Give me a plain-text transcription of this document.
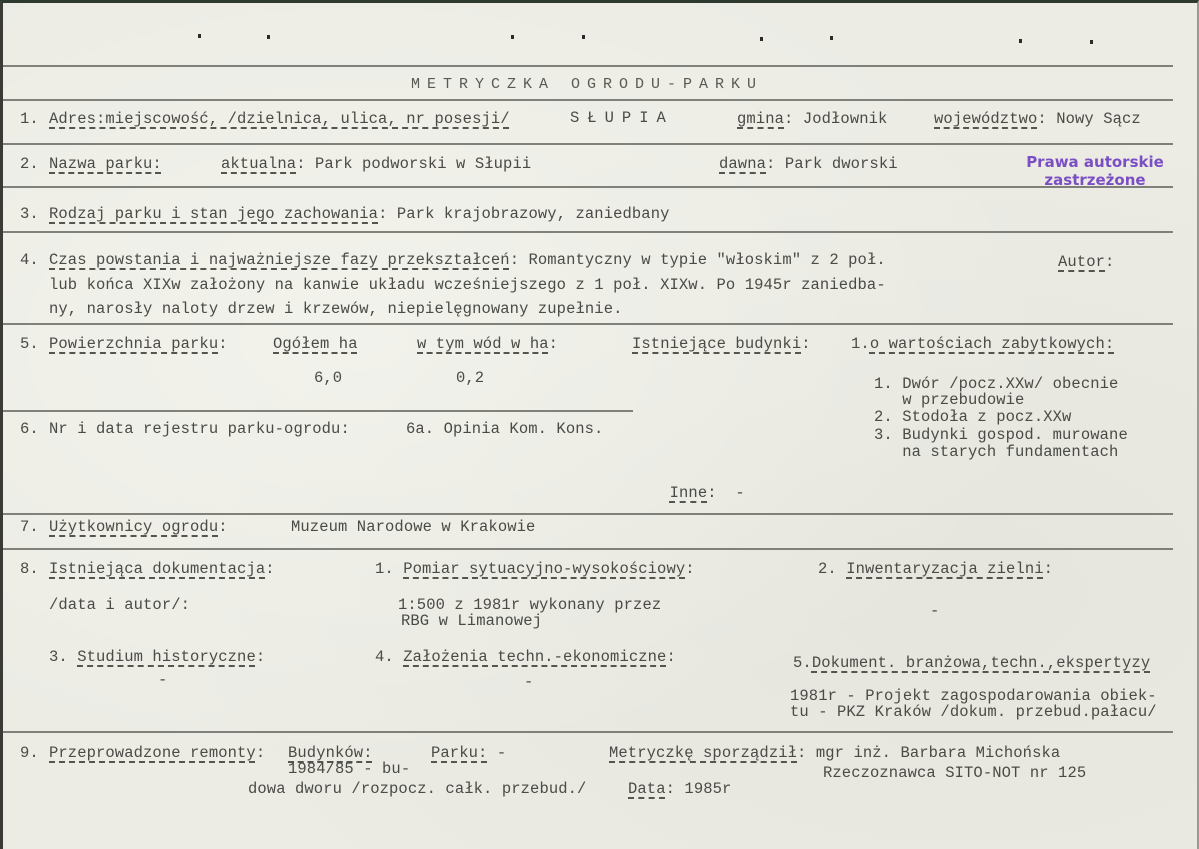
METRYCZKA OGRODU-PARKU
1. Adres:miejscowość, /dzielnica, ulica, nr posesji/	SŁUPIA	gmina: Jodłownik	województwo: Nowy Sącz
2. Nazwa parku:	aktualna: Park podworski w Słupii	dawna: Park dworski	Prawa autorskie
zastrzeżone
3. Rodzaj parku i stan jego zachowania: Park krajobrazowy, zaniedbany
4. Czas powstania i najważniejsze fazy przekształceń: Romantyczny w typie "włoskim" z 2 poł.	Autor:
lub końca XIXw założony na kanwie układu wcześniejszego z 1 poł. XIXw. Po 1945r zaniedba-
ny, narosły naloty drzew i krzewów, niepielęgnowany zupełnie.
5. Powierzchnia parku:	Ogółem ha	w tym wód w ha:
6,0	0,2
Istniejące budynki:	1.o wartościach zabytkowych:
1. Dwór /pocz.XXw/ obecnie
w przebudowie
2. Stodoła z pocz.XXw
3. Budynki gospod. murowane
na starych fundamentach

Inne:  -

6. Nr i data rejestru parku-ogrodu:	6a. Opinia Kom. Kons.
7. Użytkownicy ogrodu:	Muzeum Narodowe w Krakowie
8. Istniejąca dokumentacja:
/data i autor/:
1. Pomiar sytuacyjno-wysokościowy:
1:500 z 1981r wykonany przez
RBG w Limanowej
2. Inwentaryzacja zielni:
-
3. Studium historyczne:
-
4. Założenia techn.-ekonomiczne:
-
5.Dokument. branżowa,techn.,ekspertyzy
1981r - Projekt zagospodarowania obiek-
tu - PKZ Kraków /dokum. przebud.pałacu/
9. Przeprowadzone remonty: Budynków:
1984/85 - bu-
dowa dworu /rozpocz. całk. przebud./
Parku: -
Data: 1985r
Metryczkę sporządził: mgr inż. Barbara Michońska
Rzeczoznawca SITO-NOT nr 125
